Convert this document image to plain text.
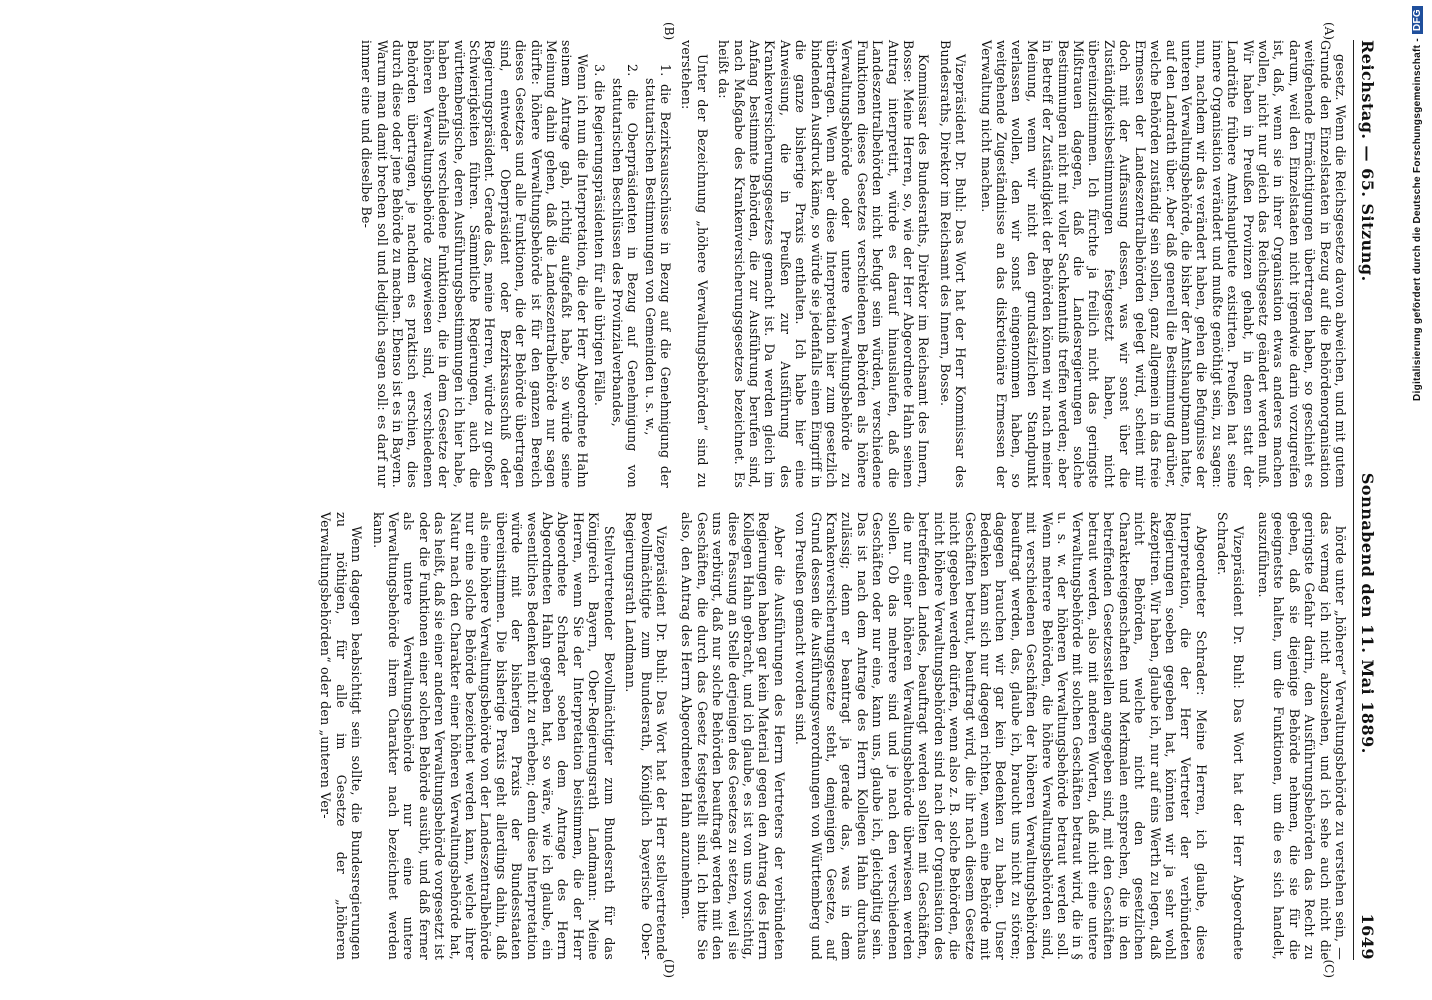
Reichstag. — 65. Sitzung.
Sonnabend den 11. Mai 1889.
1649
(A)
(B)
(C)
(D)

gesetz. Wenn die Reichsgesetze davon abweichen, und mit gutem Grunde den Einzelstaaten in Bezug auf die Behördenorganisation weitgehende Ermächtigungen übertragen haben, so geschieht es darum, weil den Einzelstaaten nicht irgendwie darin vorzugreifen ist, daß, wenn sie in ihrer Organisation etwas anderes machen wollen, nicht nur gleich das Reichsgesetz geändert werden muß. Wir haben in Preußen Provinzen gehabt, in denen statt der Landräthe frühere Amtshauptleute existirten. Preußen hat seine innere Organisation verändert und mußte genöthigt sein, zu sagen: nun, nachdem wir das verändert haben, gehen die Befugnisse der unteren Verwaltungsbehörde, die bisher der Amtshauptmann hatte, auf den Landrath über. Aber daß generell die Bestimmung darüber, welche Behörden zuständig sein sollen, ganz allgemein in das freie Ermessen der Landeszentralbehörden gelegt wird, scheint mir doch mit der Auffassung dessen, was wir sonst über die Zuständigkeitsbestimmungen festgesetzt haben, nicht übereinzustimmen. Ich fürchte ja freilich nicht das geringste Mißtrauen dagegen, daß die Landesregierungen solche Bestimmungen nicht mit voller Sachkenntniß treffen werden; aber in Betreff der Zuständigkeit der Behörden können wir nach meiner Meinung, wenn wir nicht den grundsätzlichen Standpunkt verlassen wollen, den wir sonst eingenommen haben, so weitgehende Zugeständnisse an das diskretionäre Ermessen der Verwaltung nicht machen.

Vizepräsident Dr. Buhl: Das Wort hat der Herr Kommissar des Bundesraths, Direktor im Reichsamt des Innern, Bosse.

Kommissar des Bundesraths, Direktor im Reichsamt des Innern, Bosse: Meine Herren, so, wie der Herr Abgeordnete Hahn seinen Antrag interpretirt, würde es darauf hinauslaufen, daß die Landeszentralbehörden nicht befugt sein würden, verschiedene Funktionen dieses Gesetzes verschiedenen Behörden als höhere Verwaltungsbehörde oder untere Verwaltungsbehörde zu übertragen. Wenn aber diese Interpretation hier zum gesetzlich bindenden Ausdruck käme, so würde sie jedenfalls einen Eingriff in die ganze bisherige Praxis enthalten. Ich habe hier eine Anweisung, die in Preußen zur Ausführung des Krankenversicherungsgesetzes gemacht ist. Da werden gleich im Anfang bestimmte Behörden, die zur Ausführung berufen sind, nach Maßgabe des Krankenversicherungsgesetzes bezeichnet. Es heißt da:

Unter der Bezeichnung „höhere Verwaltungsbehörden“ sind zu verstehen:

1. die Bezirksausschüsse in Bezug auf die Genehmigung der statutarischen Bestimmungen von Gemeinden u. s. w.,
2. die Oberpräsidenten in Bezug auf Genehmigung von statutarischen Beschlüssen des Provinzialverbandes,
3. die Regierungspräsidenten für alle übrigen Fälle.

Wenn ich nun die Interpretation, die der Herr Abgeordnete Hahn seinem Antrage gab, richtig aufgefaßt habe, so würde seine Meinung dahin gehen, daß die Landeszentralbehörde nur sagen dürfte: höhere Verwaltungsbehörde ist für den ganzen Bereich dieses Gesetzes und alle Funktionen, die der Behörde übertragen sind, entweder Oberpräsident oder Bezirksausschuß oder Regierungspräsident. Gerade das, meine Herren, würde zu großen Schwierigkeiten führen. Sämmtliche Regierungen, auch die württembergische, deren Ausführungsbestimmungen ich hier habe, haben ebenfalls verschiedene Funktionen, die in dem Gesetze der höheren Verwaltungsbehörde zugewiesen sind, verschiedenen Behörden übertragen, je nachdem es praktisch erschien, dies durch diese oder jene Behörde zu machen. Ebenso ist es in Bayern. Warum man damit brechen soll und lediglich sagen soll: es darf nur immer eine und dieselbe Be-

hörde unter „höherer“ Verwaltungsbehörde zu verstehen sein, — das vermag ich nicht abzusehen, und ich sehe auch nicht die geringste Gefahr darin, den Ausführungsbehörden das Recht zu geben, daß sie diejenige Behörde nehmen, die sie für die geeignetste halten, um die Funktionen, um die es sich handelt, auszuführen.

Vizepräsident Dr. Buhl: Das Wort hat der Herr Abgeordnete Schrader.

Abgeordneter Schrader: Meine Herren, ich glaube, diese Interpretation, die der Herr Vertreter der verbündeten Regierungen soeben gegeben hat, könnten wir ja sehr wohl akzeptiren. Wir haben, glaube ich, nur auf eins Werth zu legen, daß nicht Behörden, welche nicht den gesetzlichen Charaktereigenschaften und Merkmalen entsprechen, die in den betreffenden Gesetzesstellen angegeben sind, mit den Geschäften betraut werden, also mit anderen Worten, daß nicht eine untere Verwaltungsbehörde mit solchen Geschäften betraut wird, die in § u. s. w. der höheren Verwaltungsbehörde betraut werden soll. Wenn mehrere Behörden, die höhere Verwaltungsbehörden sind, mit verschiedenen Geschäften der höheren Verwaltungsbehörden beauftragt werden, das, glaube ich, braucht uns nicht zu stören; dagegen brauchen wir gar kein Bedenken zu haben. Unser Bedenken kann sich nur dagegen richten, wenn eine Behörde mit Geschäften betraut, beauftragt wird, die ihr nach diesem Gesetze nicht gegeben werden dürfen, wenn also z. B. solche Behörden, die nicht höhere Verwaltungsbehörden sind nach der Organisation des betreffenden Landes, beauftragt werden sollten mit Geschäften, die nur einer höheren Verwaltungsbehörde überwiesen werden sollen. Ob das mehrere sind und je nach den verschiedenen Geschäften oder nur eine, kann uns, glaube ich, gleichgiltig sein. Das ist nach dem Antrage des Herrn Kollegen Hahn durchaus zulässig; denn er beantragt ja gerade das, was in dem Krankenversicherungsgesetze steht, demjenigen Gesetze, auf Grund dessen die Ausführungsverordnungen von Württemberg und von Preußen gemacht worden sind.

Aber die Ausführungen des Herrn Vertreters der verbündeten Regierungen haben gar kein Material gegen den Antrag des Herrn Kollegen Hahn gebracht, und ich glaube, es ist von uns vorsichtig, diese Fassung an Stelle derjenigen des Gesetzes zu setzen, weil sie uns verbürgt, daß nur solche Behörden beauftragt werden mit den Geschäften, die durch das Gesetz festgestellt sind. Ich bitte Sie also, den Antrag des Herrn Abgeordneten Hahn anzunehmen.

Vizepräsident Dr. Buhl: Das Wort hat der Herr stellvertretende Bevollmächtigte zum Bundesrath, Königlich bayerische Ober-Regierungsrath Landmann.

Stellvertretender Bevollmächtigter zum Bundesrath für das Königreich Bayern, Ober-Regierungsrath Landmann: Meine Herren, wenn Sie der Interpretation beistimmen, die der Herr Abgeordnete Schrader soeben dem Antrage des Herrn Abgeordneten Hahn gegeben hat, so wäre, wie ich glaube, ein wesentliches Bedenken nicht zu erheben; denn diese Interpretation würde mit der bisherigen Praxis der Bundesstaaten übereinstimmen. Die bisherige Praxis geht allerdings dahin, daß als eine höhere Verwaltungsbehörde von der Landeszentralbehörde nur eine solche Behörde bezeichnet werden kann, welche ihrer Natur nach den Charakter einer höheren Verwaltungsbehörde hat, das heißt, daß sie einer anderen Verwaltungsbehörde vorgesetzt ist oder die Funktionen einer solchen Behörde ausübt, und daß ferner als untere Verwaltungsbehörde nur eine untere Verwaltungsbehörde ihrem Charakter nach bezeichnet werden kann.

Wenn dagegen beabsichtigt sein sollte, die Bundesregierungen zu nöthigen, für alle im Gesetze der „höheren Verwaltungsbehörden“ oder den „unteren Ver-

Digitalisierung gefördert durch die Deutsche Forschungsgemeinschaft -DFG
